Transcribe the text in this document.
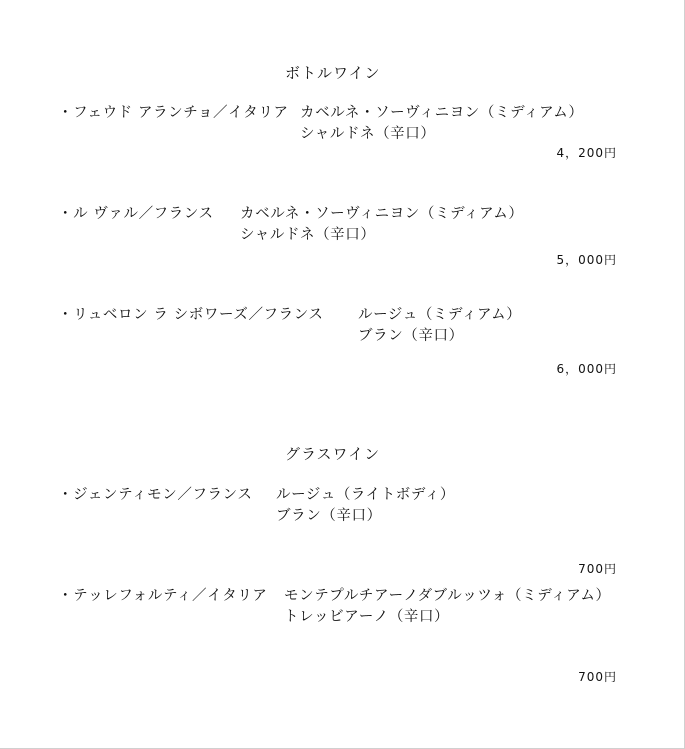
ボトルワイン
・フェウド アランチョ／イタリア カベルネ・ソーヴィニヨン（ミディアム）
シャルドネ（辛口）
4，200円
・ル ヴァル／フランス カベルネ・ソーヴィニヨン（ミディアム）
シャルドネ（辛口）
5，000円
・リュベロン ラ シボワーズ／フランス ルージュ（ミディアム）
ブラン（辛口）
6，000円
グラスワイン
・ジェンティモン／フランス ルージュ（ライトボディ）
ブラン（辛口）
700円
・テッレフォルティ／イタリア モンテプルチアーノダブルッツォ（ミディアム）
トレッビアーノ（辛口）
700円
